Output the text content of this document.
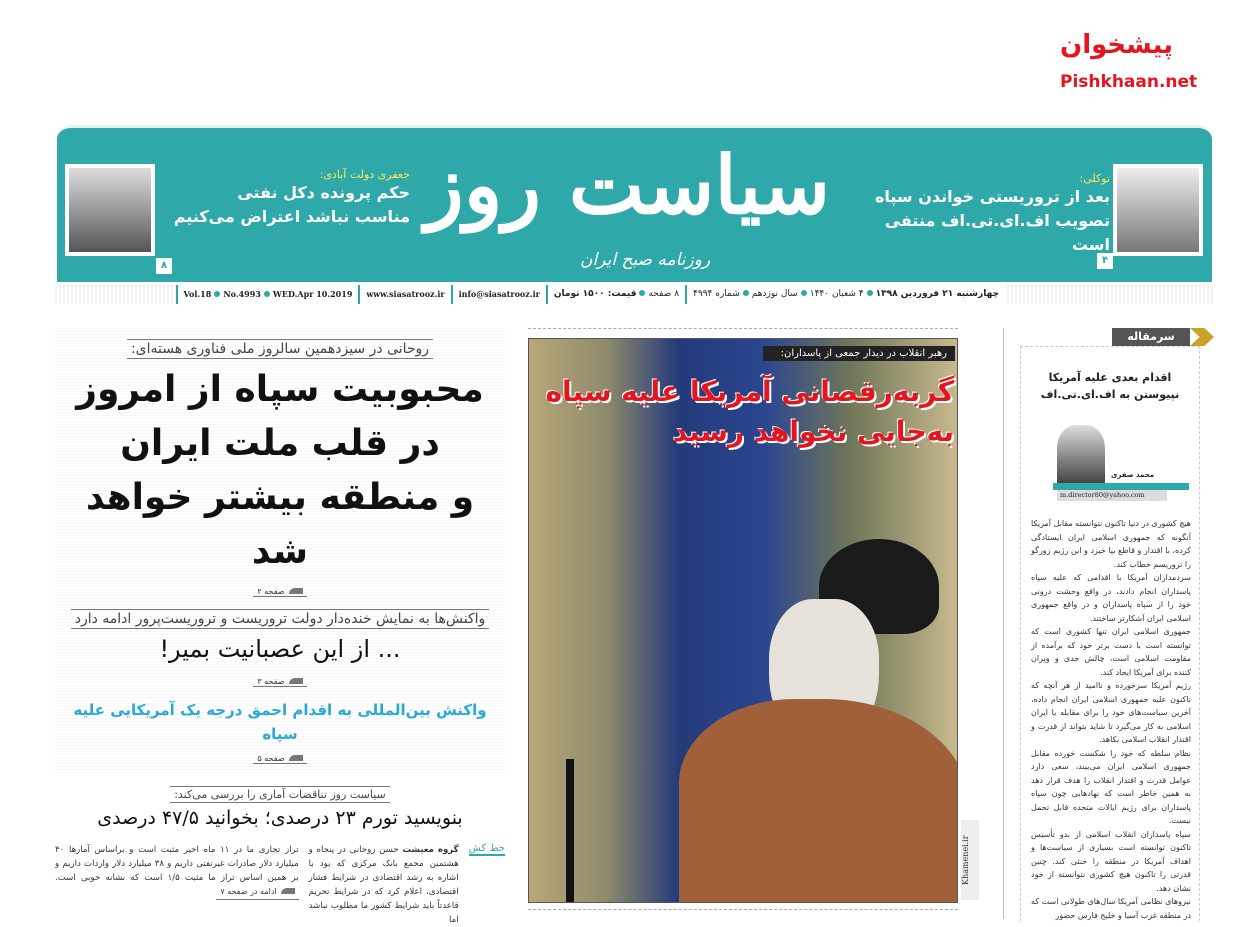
سیاست روز
روزنامه صبح ایران
۸
جعفری دولت آبادی:
حکم پرونده دکل نفتی
مناسب نباشد اعتراض می‌کنیم
۴
توکلی:
بعد از تروریستی خواندن سپاه
تصویب اف.ای.تی.اف منتفی است
چهارشنبه ۲۱ فروردین ۱۳۹۸۴ شعبان ۱۴۴۰سال نوزدهمشماره ۴۹۹۴
۸ صفحهقیمت: ۱۵۰۰ تومان
info@siasatrooz.ir
www.siasatrooz.ir
Vol.18 No.4993 WED.Apr 10.2019
روحانی در سیزدهمین سالروز ملی فناوری هسته‌ای:
محبوبیت سپاه از امروز
در قلب ملت ایران
و منطقه بیشتر خواهد شد
صفحه ۲
واکنش‌ها به نمایش خنده‌دار دولت تروریست و تروریست‌پرور ادامه دارد
... از این عصبانیت بمیر!
صفحه ۳
واکنش بین‌المللی به اقدام احمق درجه یک آمریکایی علیه سپاه
صفحه ۵
سیاست روز تناقضات آماری را بررسی می‌کند:
بنویسید تورم ۲۳ درصدی؛ بخوانید ۴۷/۵ درصدی
خط کش
گروه معیشت حسن روحانی در پنجاه و هشتمین مجمع بانک مرکزی که بود با اشاره به رشد اقتصادی در شرایط فشار اقتصادی، اعلام کرد که در شرایط تحریم قاعدتاً باید شرایط کشور ما مطلوب نباشد اما
تراز تجاری ما در ۱۱ ماه اخیر مثبت است و براساس آمارها ۴۰ میلیارد دلار صادرات غیرنفتی داریم و ۳۸ میلیارد دلار واردات داریم و بر همین اساس تراز ما مثبت ۱/۵ است که نشانه خوبی است. ادامه در صفحه ۷
رهبر انقلاب در دیدار جمعی از پاسداران:
گربه‌رقصانی آمریکا علیه سپاه
به‌جایی نخواهد رسید
Khamenei.ir
سرمقاله
اقدام بعدی علیه آمریکا
نپیوستن به اف.ای.تی.اف
محمد صفری
m.director80@yahoo.com

هیچ کشوری در دنیا تاکنون نتوانسته مقابل آمریکا آنگونه که جمهوری اسلامی ایران ایستادگی کرده، با اقتدار و قاطع بپا خیزد و این رژیم زورگو را تروریسم خطاب کند.

سردمداران آمریکا با اقدامی که علیه سپاه پاسداران انجام دادند، در واقع وحشت درونی خود را از سپاه پاسداران و در واقع جمهوری اسلامی ایران آشکارتر ساختند.

جمهوری اسلامی ایران تنها کشوری است که توانسته است با دست برتر خود که برآمده از مقاومت اسلامی است، چالش جدی و ویران کننده برای آمریکا ایجاد کند.

رژیم آمریکا سرخورده و ناامید از هر آنچه که تاکنون علیه جمهوری اسلامی ایران انجام داده، آخرین سیاست‌های خود را برای مقابله با ایران اسلامی به کار می‌گیرد تا شاید بتواند از قدرت و اقتدار انقلاب اسلامی بکاهد.

نظام سلطه که خود را شکست خورده مقابل جمهوری اسلامی ایران می‌بیند، سعی دارد عوامل قدرت و اقتدار انقلاب را هدف قرار دهد به همین خاطر است که نهادهایی چون سپاه پاسداران برای رژیم ایالات متحده قابل تحمل نیست.

سپاه پاسداران انقلاب اسلامی از بدو تأسیس تاکنون توانسته است بسیاری از سیاست‌ها و اهداف آمریکا در منطقه را خنثی کند. چنین قدرتی را تاکنون هیچ کشوری نتوانسته از خود نشان دهد.

نیروهای نظامی آمریکا سال‌های طولانی است که در منطقه غرب آسیا و خلیج فارس حضور

پیشخوان
Pishkhaan.net
